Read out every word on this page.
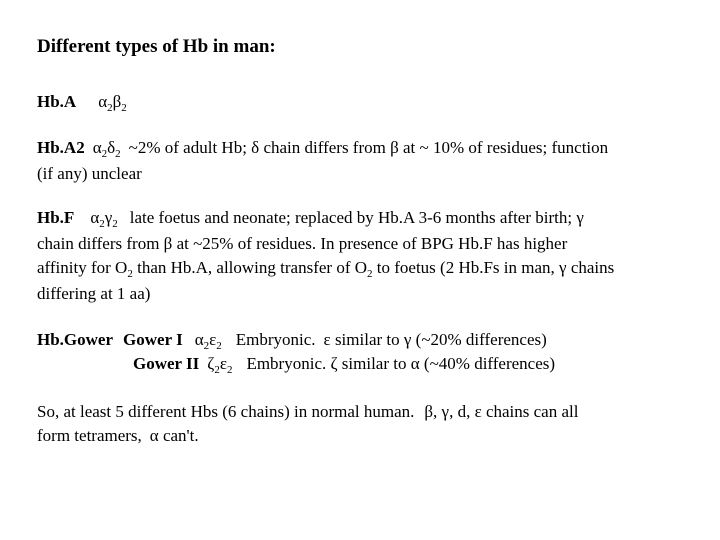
Different types of Hb in man:
Hb.A $\alpha_2\beta_2$
Hb.A2 $\alpha_2\delta_2$ ~2% of adult Hb; δ chain differs from β at ~ 10% of residues; function
(if any) unclear
Hb.F $\alpha_2\gamma_2$ late foetus and neonate; replaced by Hb.A 3-6 months after birth; γ
chain differs from β at ~25% of residues. In presence of BPG Hb.F has higher
affinity for $O_2$ than Hb.A, allowing transfer of $O_2$ to foetus (2 Hb.Fs in man, γ chains
differing at 1 aa)
Hb.Gower Gower I $\alpha_2\varepsilon_2$ Embryonic. ε similar to γ (~20% differences)
Gower II $\zeta_2\varepsilon_2$ Embryonic. ζ similar to α (~40% differences)
So, at least 5 different Hbs (6 chains) in normal human. β, γ, d, ε chains can all
form tetramers, α can't.
